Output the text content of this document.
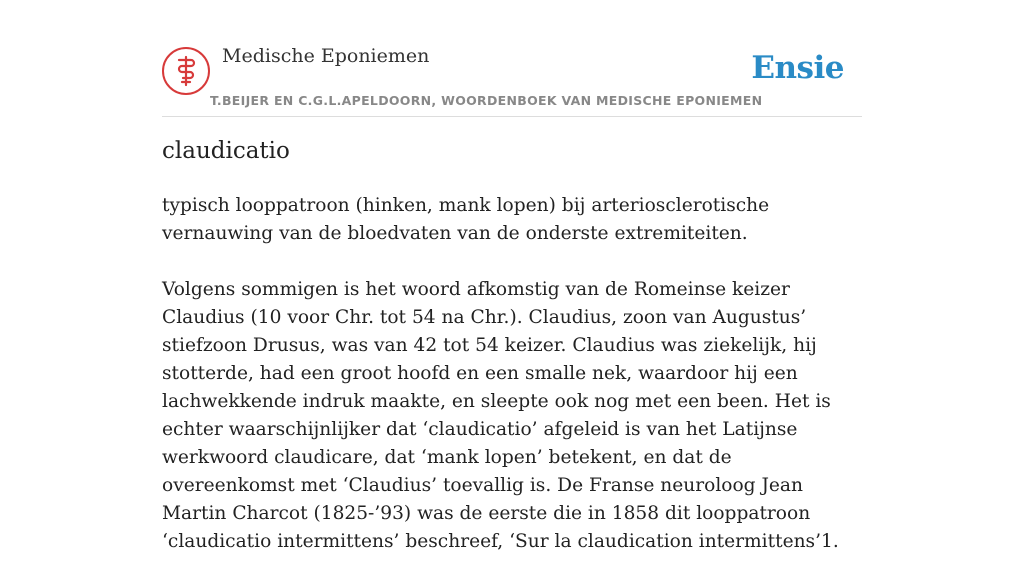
Medische Eponiemen
T.BEIJER EN C.G.L.APELDOORN, WOORDENBOEK VAN MEDISCHE EPONIEMEN
Ensie
claudicatio

typisch looppatroon (hinken, mank lopen) bij arteriosclerotische vernauwing van de bloedvaten van de onderste extremiteiten.

Volgens sommigen is het woord afkomstig van de Romeinse keizer Claudius (10 voor Chr. tot 54 na Chr.). Claudius, zoon van Augustus’ stiefzoon Drusus, was van 42 tot 54 keizer. Claudius was ziekelijk, hij stotterde, had een groot hoofd en een smalle nek, waardoor hij een lachwekkende indruk maakte, en sleepte ook nog met een been. Het is echter waarschijnlijker dat ‘claudicatio’ afgeleid is van het Latijnse werkwoord claudicare, dat ‘mank lopen’ betekent, en dat de overeenkomst met ‘Claudius’ toevallig is. De Franse neuroloog Jean Martin Charcot (1825-’93) was de eerste die in 1858 dit looppatroon ‘claudicatio intermittens’ beschreef, ‘Sur la claudication intermittens’1.
